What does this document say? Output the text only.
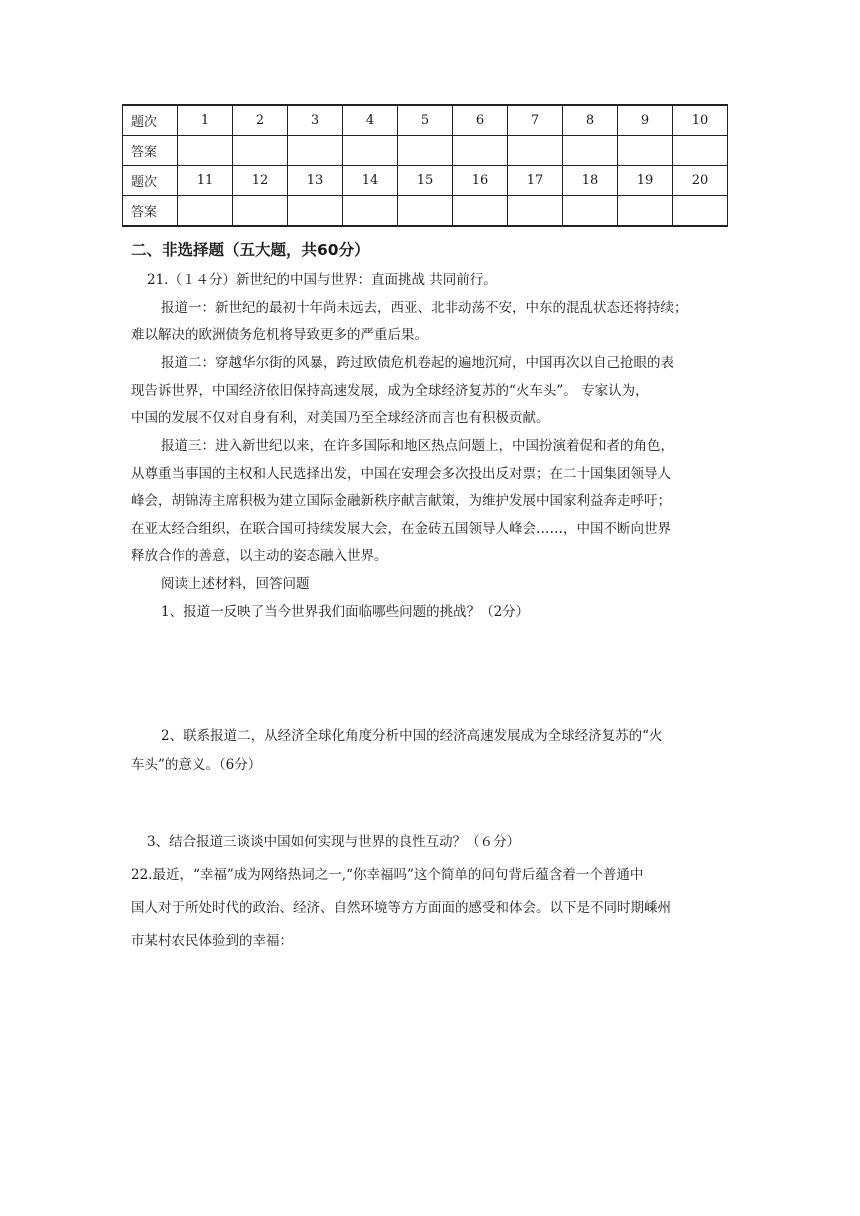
题次	1	2	3	4	5	6	7	8	9	10
答案										
题次	11	12	13	14	15	16	17	18	19	20
答案										
二、非选择题（五大题，共60分）
21.（１４分）新世纪的中国与世界：直面挑战 共同前行。
报道一：新世纪的最初十年尚未远去，西亚、北非动荡不安，中东的混乱状态还将持续；
难以解决的欧洲债务危机将导致更多的严重后果。
报道二：穿越华尔街的风暴，跨过欧债危机卷起的遍地沉疴，中国再次以自己抢眼的表
现告诉世界，中国经济依旧保持高速发展，成为全球经济复苏的“火车头”。 专家认为，
中国的发展不仅对自身有利，对美国乃至全球经济而言也有积极贡献。
报道三：进入新世纪以来，在许多国际和地区热点问题上，中国扮演着促和者的角色，
从尊重当事国的主权和人民选择出发，中国在安理会多次投出反对票；在二十国集团领导人
峰会，胡锦涛主席积极为建立国际金融新秩序献言献策，为维护发展中国家利益奔走呼吁；
在亚太经合组织，在联合国可持续发展大会，在金砖五国领导人峰会……，中国不断向世界
释放合作的善意，以主动的姿态融入世界。
阅读上述材料，回答问题
1、报道一反映了当今世界我们面临哪些问题的挑战？（2分）
2、联系报道二，从经济全球化角度分析中国的经济高速发展成为全球经济复苏的“火
车头”的意义。（6分）
3、结合报道三谈谈中国如何实现与世界的良性互动？（６分）
22.最近，“幸福”成为网络热词之一,“你幸福吗”这个简单的问句背后蕴含着一个普通中
国人对于所处时代的政治、经济、自然环境等方方面面的感受和体会。以下是不同时期嵊州
市某村农民体验到的幸福：
